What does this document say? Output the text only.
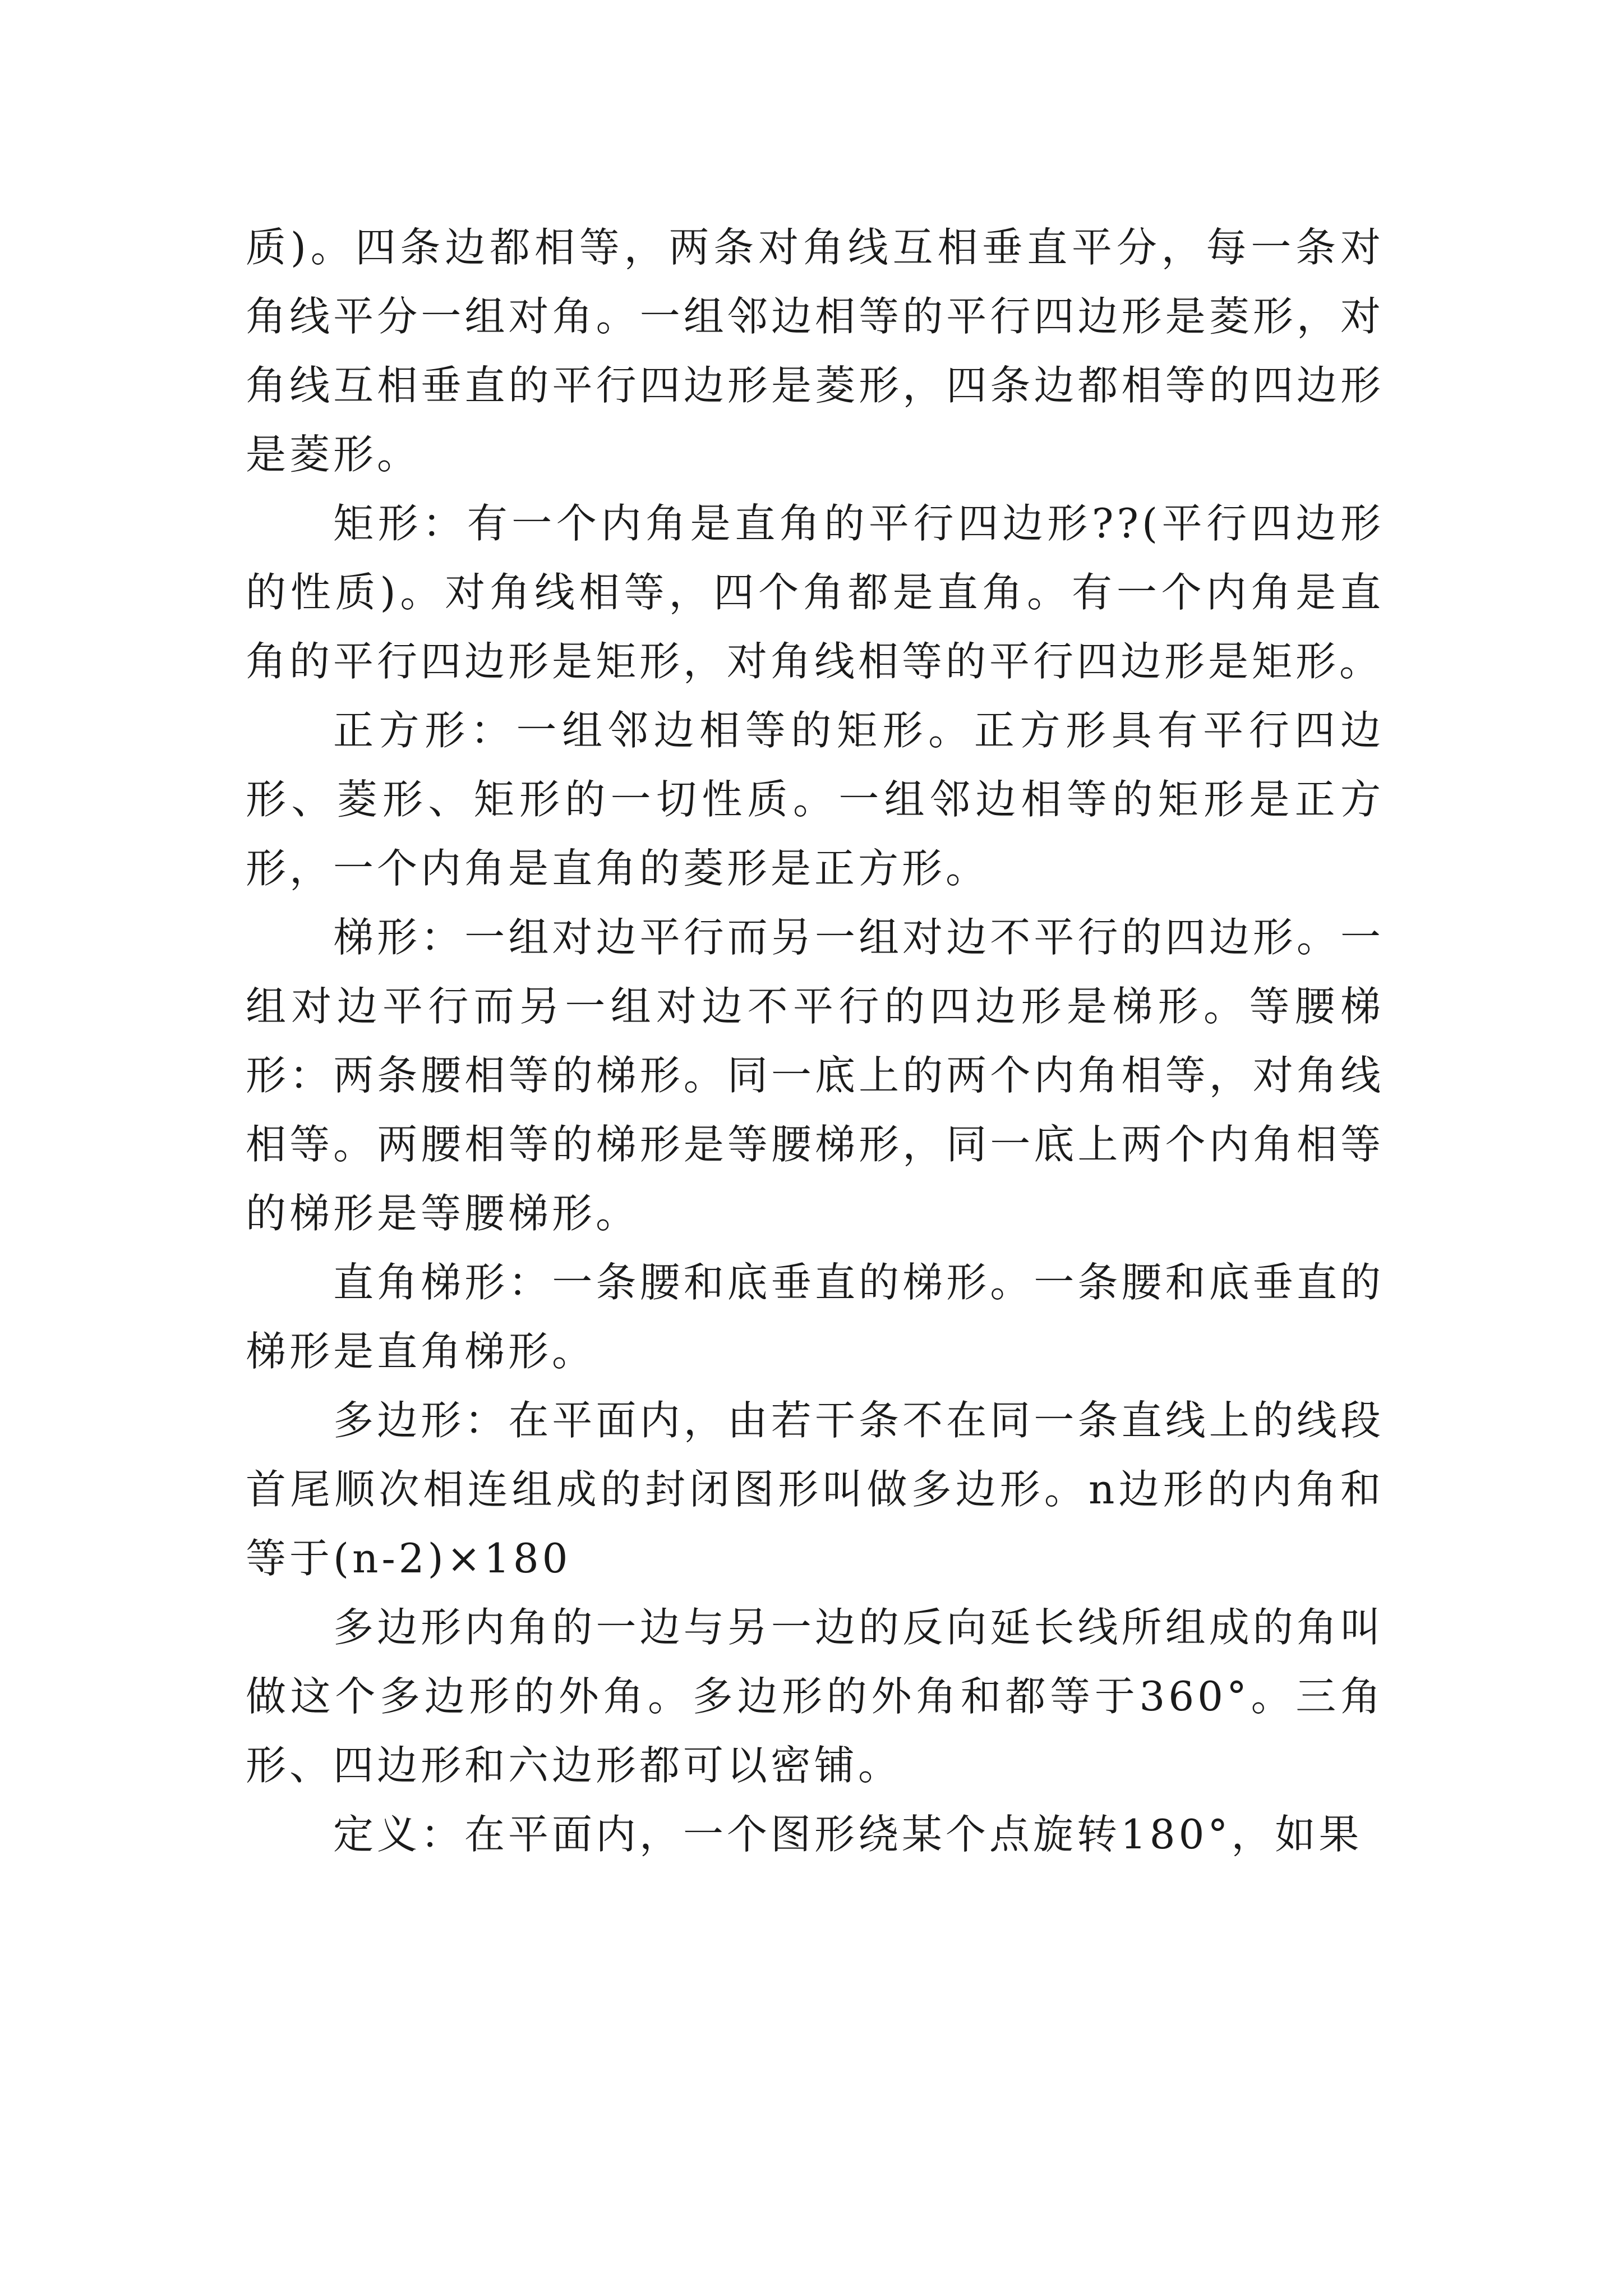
质)。四条边都相等，两条对角线互相垂直平分，每一条对角线平分一组对角。一组邻边相等的平行四边形是菱形，对角线互相垂直的平行四边形是菱形，四条边都相等的四边形是菱形。

矩形：有一个内角是直角的平行四边形??(平行四边形的性质)。对角线相等，四个角都是直角。有一个内角是直角的平行四边形是矩形，对角线相等的平行四边形是矩形。

正方形：一组邻边相等的矩形。正方形具有平行四边形、菱形、矩形的一切性质。一组邻边相等的矩形是正方形，一个内角是直角的菱形是正方形。

梯形：一组对边平行而另一组对边不平行的四边形。一组对边平行而另一组对边不平行的四边形是梯形。等腰梯形：两条腰相等的梯形。同一底上的两个内角相等，对角线相等。两腰相等的梯形是等腰梯形，同一底上两个内角相等的梯形是等腰梯形。

直角梯形：一条腰和底垂直的梯形。一条腰和底垂直的梯形是直角梯形。

多边形：在平面内，由若干条不在同一条直线上的线段首尾顺次相连组成的封闭图形叫做多边形。n边形的内角和等于(n-2)×180

多边形内角的一边与另一边的反向延长线所组成的角叫做这个多边形的外角。多边形的外角和都等于360°。三角形、四边形和六边形都可以密铺。

定义：在平面内，一个图形绕某个点旋转180°，如果
